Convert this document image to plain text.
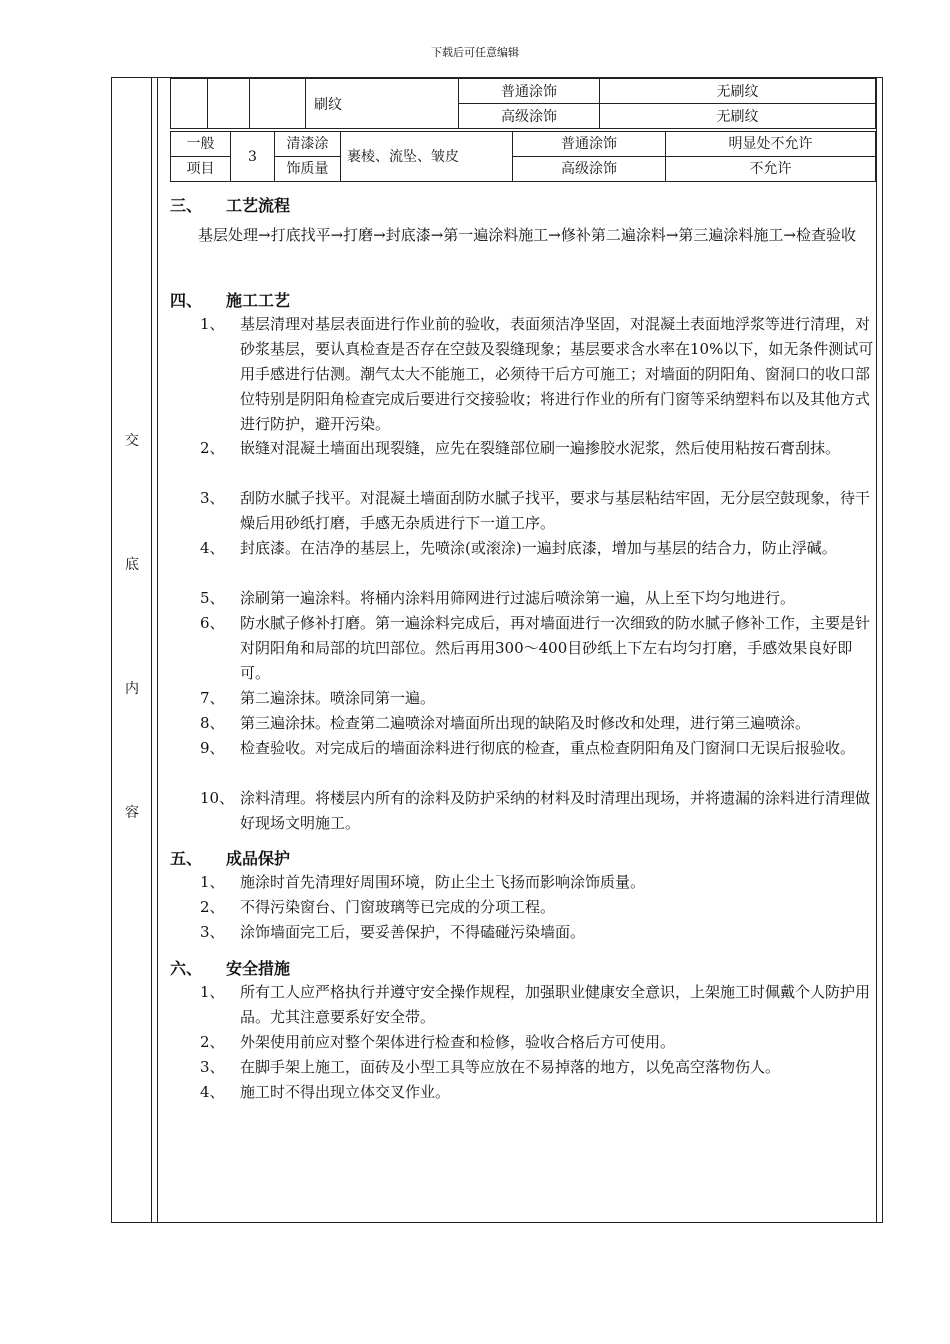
下载后可任意编辑
交
底
内
容
			刷纹	普通涂饰	无刷纹
				高级涂饰	无刷纹
一般	3	清漆涂	裹棱、流坠、皱皮	普通涂饰	明显处不允许
项目		饰质量		高级涂饰	不允许
三、 工艺流程
基层处理→打底找平→打磨→封底漆→第一遍涂料施工→修补第二遍涂料→第三遍涂料施工→检查验收
四、 施工工艺
1、 基层清理对基层表面进行作业前的验收，表面须洁净坚固，对混凝土表面地浮浆等进行清理，对砂浆基层，要认真检查是否存在空鼓及裂缝现象；基层要求含水率在10%以下，如无条件测试可用手感进行估测。潮气太大不能施工，必须待干后方可施工；对墙面的阴阳角、窗洞口的收口部位特别是阴阳角检查完成后要进行交接验收；将进行作业的所有门窗等采纳塑料布以及其他方式进行防护，避开污染。
2、 嵌缝对混凝土墙面出现裂缝，应先在裂缝部位刷一遍掺胶水泥浆，然后使用粘按石膏刮抹。
3、 刮防水腻子找平。对混凝土墙面刮防水腻子找平，要求与基层粘结牢固，无分层空鼓现象，待干燥后用砂纸打磨，手感无杂质进行下一道工序。
4、 封底漆。在洁净的基层上，先喷涂(或滚涂)一遍封底漆，增加与基层的结合力，防止浮碱。
5、 涂刷第一遍涂料。将桶内涂料用筛网进行过滤后喷涂第一遍，从上至下均匀地进行。
6、 防水腻子修补打磨。第一遍涂料完成后，再对墙面进行一次细致的防水腻子修补工作，主要是针对阴阳角和局部的坑凹部位。然后再用300～400目砂纸上下左右均匀打磨，手感效果良好即可。
7、 第二遍涂抹。喷涂同第一遍。
8、 第三遍涂抹。检查第二遍喷涂对墙面所出现的缺陷及时修改和处理，进行第三遍喷涂。
9、 检查验收。对完成后的墙面涂料进行彻底的检查，重点检查阴阳角及门窗洞口无误后报验收。
10、 涂料清理。将楼层内所有的涂料及防护采纳的材料及时清理出现场，并将遗漏的涂料进行清理做好现场文明施工。
五、 成品保护
1、 施涂时首先清理好周围环境，防止尘土飞扬而影响涂饰质量。
2、 不得污染窗台、门窗玻璃等已完成的分项工程。
3、 涂饰墙面完工后，要妥善保护，不得磕碰污染墙面。
六、 安全措施
1、 所有工人应严格执行并遵守安全操作规程，加强职业健康安全意识，上架施工时佩戴个人防护用品。尤其注意要系好安全带。
2、 外架使用前应对整个架体进行检查和检修，验收合格后方可使用。
3、 在脚手架上施工，面砖及小型工具等应放在不易掉落的地方，以免高空落物伤人。
4、 施工时不得出现立体交叉作业。
